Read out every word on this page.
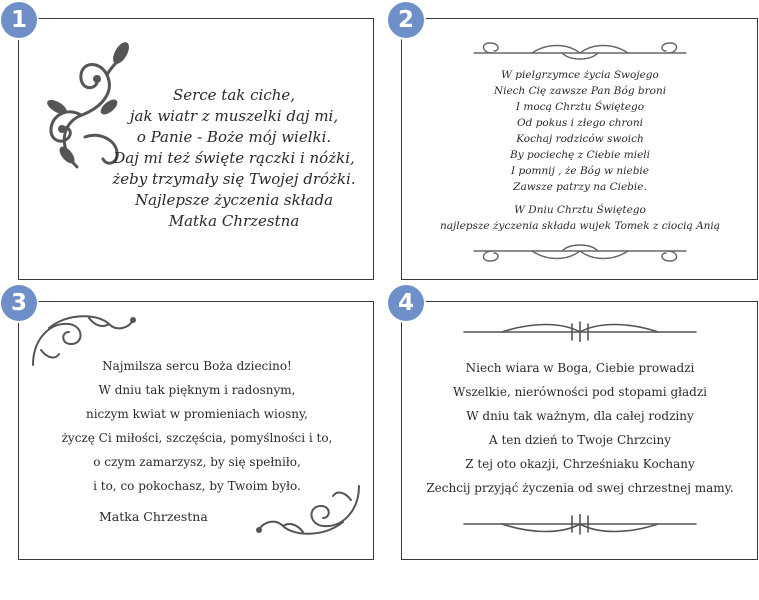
Serce tak ciche,
jak wiatr z muszelki daj mi,
o Panie - Boże mój wielki.
Daj mi też święte rączki i nóżki,
żeby trzymały się Twojej dróżki.
Najlepsze życzenia składa
Matka Chrzestna
W pielgrzymce życia Swojego
Niech Cię zawsze Pan Bóg broni
I mocą Chrztu Świętego
Od pokus i złego chroni
Kochaj rodziców swoich
By pociechę z Ciebie mieli
I pomnij , że Bóg w niebie
Zawsze patrzy na Ciebie.
W Dniu Chrztu Świętego
najlepsze życzenia składa wujek Tomek z ciocią Anią
Najmilsza sercu Boża dziecino!
W dniu tak pięknym i radosnym,
niczym kwiat w promieniach wiosny,
życzę Ci miłości, szczęścia, pomyślności i to,
o czym zamarzysz, by się spełniło,
i to, co pokochasz, by Twoim było.
Matka Chrzestna
Niech wiara w Boga, Ciebie prowadzi
Wszelkie, nierówności pod stopami gładzi
W dniu tak ważnym, dla całej rodziny
A ten dzień to Twoje Chrzciny
Z tej oto okazji, Chrześniaku Kochany
Zechcij przyjąć życzenia od swej chrzestnej mamy.
1	2
3	4
